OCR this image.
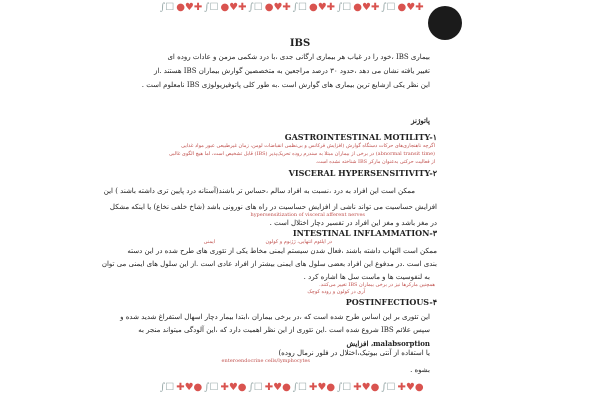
∫☐ ●♥✚ ∫☐ ●♥✚ ∫☐ ●♥✚ ∫☐ ●♥✚ ∫☐ ●♥✚ ∫☐ ●♥✚
IBS
بیماری IBS ،خود را در غیاب هر بیماری ارگانی جدی ،با درد شکمی مزمن و عادات روده ای
تغییر یافته نشان می دهد ،حدود ۳۰ درصد مراجعین به متخصصین گوارش بیماران IBS هستند .از
این نظر یکی ازشایع ترین بیماری های گوارش است .به طور کلی پاتوفیزیولوژی IBS نامعلوم است .
پاتوژنز
GASTROINTESTINAL MOTILITY-۱
اگرچه ناهنجاری‌های حرکات دستگاه گوارش (افزایش فرکانس و بی‌نظمی انقباضات لومن، زمان غیرطبیعی عبور مواد غذایی
(abnormal transit time) در برخی از بیماران مبتلا به سندرم روده تحریک‌پذیر (IBS) قابل تشخیص است، اما هیچ الگوی غالبی
از فعالیت حرکتی به‌عنوان مارکر IBS شناخته نشده است.
VISCERAL HYPERSENSITIVITY-۲
ممکن است این افراد به درد ،نسبت به افراد سالم ،حساس تر باشند(آستانه درد پایین تری داشته باشند ) این
افزایش حساسیت می تواند ناشی از افزایش حساسیت در راه های نورونی باشد (شاخ خلفی نخاع) یا اینکه مشکل
hypersensitization of visceral afferent nerves
در مغز باشد و مغز این افراد در تفسیر دچار اختلال است .
INTESTINAL INFLAMMATION-۳
در ایلئوم انتهایی، ژژنوم و کولون
ایمنی
ممکن است التهاب داشته باشند ،فعال شدن سیستم ایمنی مخاط یکی از تئوری های طرح شده در این دسته
بندی است .در مدفوع این افراد بعضی سلول های ایمنی بیشتر از افراد عادی است .از این سلول های ایمنی می توان
به لنفوسیت ها و ماست سل ها اشاره کرد .
همچنین مارکرها نیز در برخی بیماران IBS تغییر می‌کنند.
آری در کولون و روده کوچک
POSTINFECTIOUS-۴
این تئوری بر این اساس طرح شده است که ،در برخی بیماران ،ابتدا بیمار دچار اسهال استفراغ شدید شده و
سپس علائم IBS شروع شده است .این تئوری از این نظر اهمیت دارد که ،این آلودگی میتواند منجر به
malabsorption، افزایش
یا استفاده از آنتی بیوتیک،اختلال در فلور نرمال روده)
enteroendocrine cells/lymphocytes
بشوه .
∫☐ ✚♥● ∫☐ ✚♥● ∫☐ ✚♥● ∫☐ ✚♥● ∫☐ ✚♥● ∫☐ ✚♥●
